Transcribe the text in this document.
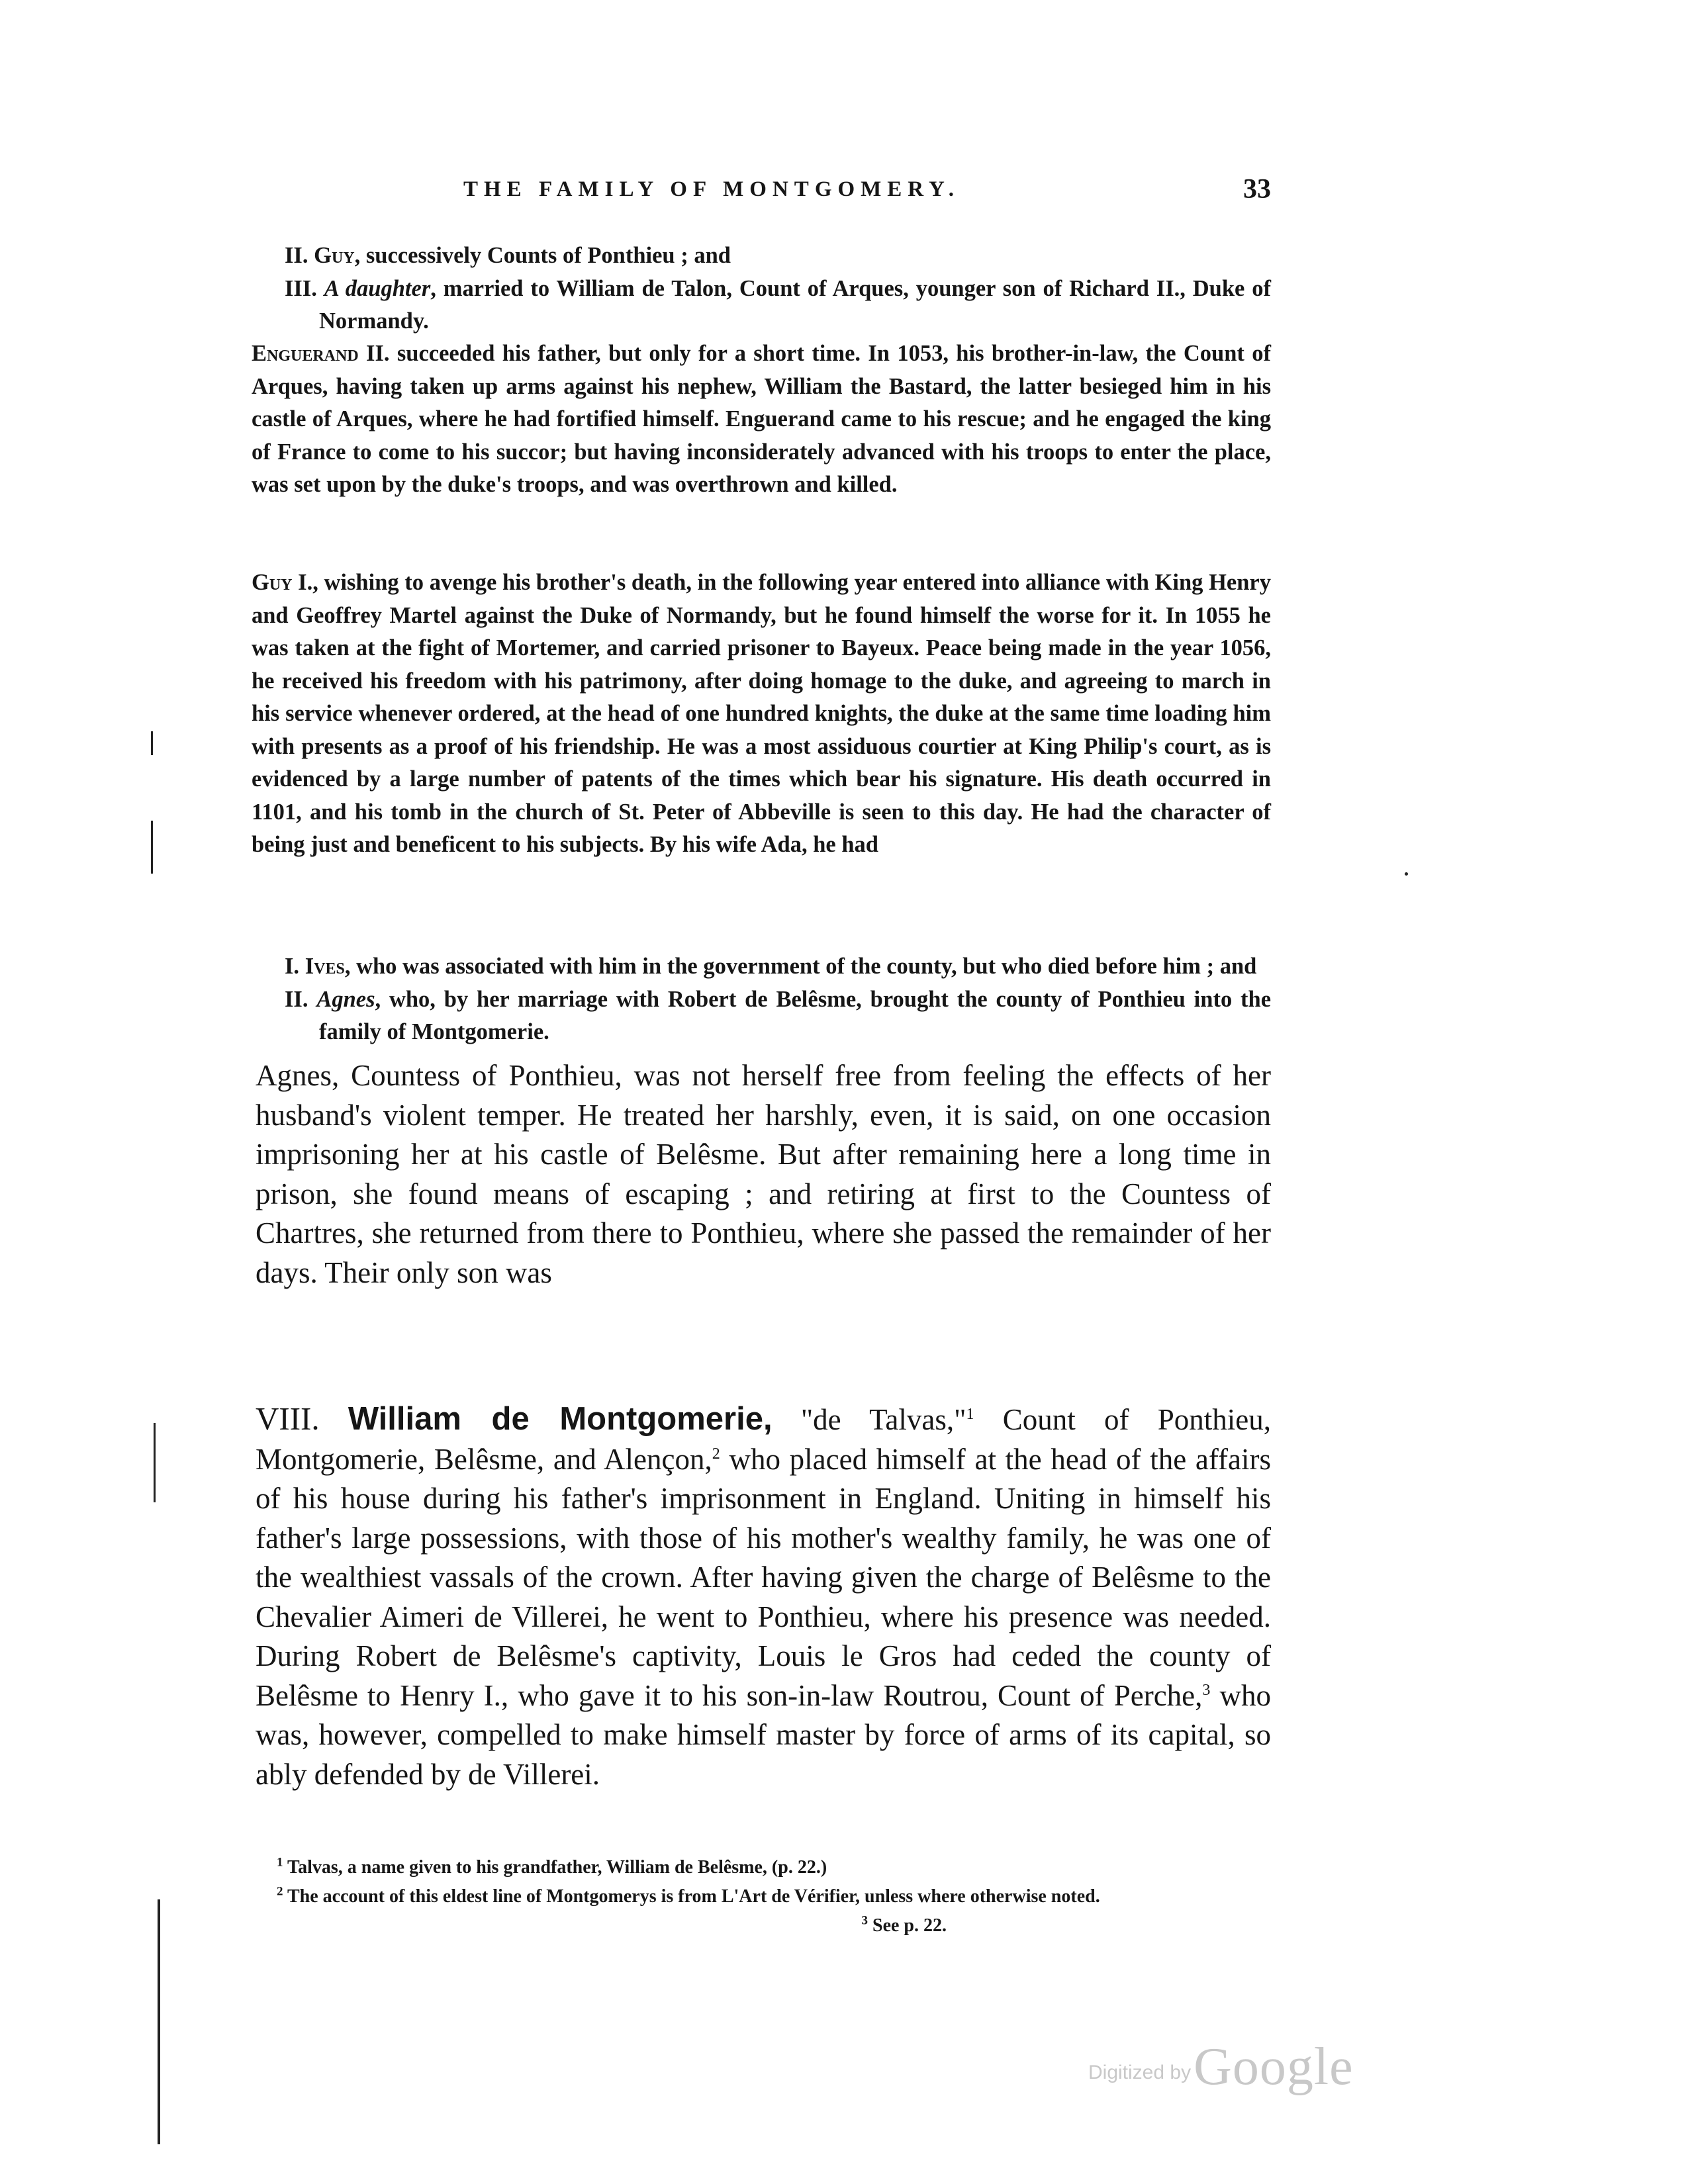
THE FAMILY OF MONTGOMERY.	33

II. Guy, successively Counts of Ponthieu ; and

III. A daughter, married to William de Talon, Count of Arques, younger son of Richard II., Duke of Normandy.

Enguerand II. succeeded his father, but only for a short time. In 1053, his brother-in-law, the Count of Arques, having taken up arms against his nephew, William the Bastard, the latter besieged him in his castle of Arques, where he had fortified himself. Enguerand came to his rescue; and he engaged the king of France to come to his succor; but having inconsiderately advanced with his troops to enter the place, was set upon by the duke's troops, and was overthrown and killed.

Guy I., wishing to avenge his brother's death, in the following year entered into alliance with King Henry and Geoffrey Martel against the Duke of Normandy, but he found himself the worse for it. In 1055 he was taken at the fight of Mortemer, and carried prisoner to Bayeux. Peace being made in the year 1056, he received his freedom with his patrimony, after doing homage to the duke, and agreeing to march in his service whenever ordered, at the head of one hundred knights, the duke at the same time loading him with presents as a proof of his friendship. He was a most assiduous courtier at King Philip's court, as is evidenced by a large number of patents of the times which bear his signature. His death occurred in 1101, and his tomb in the church of St. Peter of Abbeville is seen to this day. He had the character of being just and beneficent to his subjects. By his wife Ada, he had

I. Ives, who was associated with him in the government of the county, but who died before him ; and

II. Agnes, who, by her marriage with Robert de Belêsme, brought the county of Ponthieu into the family of Montgomerie.

Agnes, Countess of Ponthieu, was not herself free from feeling the effects of her husband's violent temper. He treated her harshly, even, it is said, on one occasion imprisoning her at his castle of Belêsme. But after remaining here a long time in prison, she found means of escaping ; and retiring at first to the Countess of Chartres, she returned from there to Ponthieu, where she passed the remainder of her days. Their only son was

VIII. William de Montgomerie, "de Talvas,"$^1$ Count of Ponthieu, Montgomerie, Belêsme, and Alençon,$^2$ who placed himself at the head of the affairs of his house during his father's imprisonment in England. Uniting in himself his father's large possessions, with those of his mother's wealthy family, he was one of the wealthiest vassals of the crown. After having given the charge of Belêsme to the Chevalier Aimeri de Villerei, he went to Ponthieu, where his presence was needed. During Robert de Belêsme's captivity, Louis le Gros had ceded the county of Belêsme to Henry I., who gave it to his son-in-law Routrou, Count of Perche,$^3$ who was, however, compelled to make himself master by force of arms of its capital, so ably defended by de Villerei.

$^1$ Talvas, a name given to his grandfather, William de Belêsme, (p. 22.)

$^2$ The account of this eldest line of Montgomerys is from L'Art de Vérifier, unless where otherwise noted.
$^3$ See p. 22.

Digitized by Google
